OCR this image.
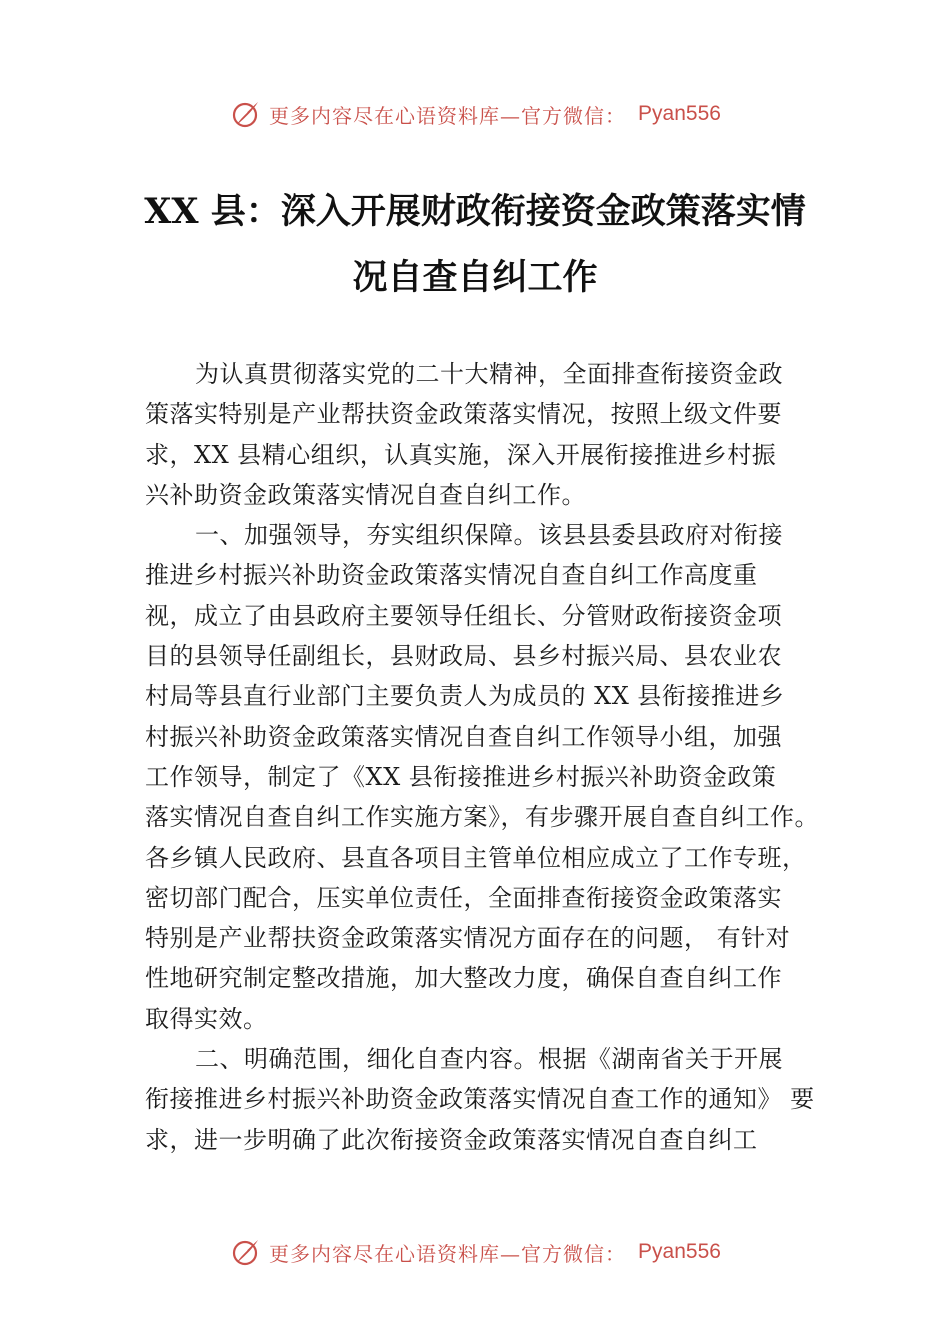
更多内容尽在心语资料库—官方微信： Pyan556
XX 县：深入开展财政衔接资金政策落实情
况自查自纠工作
为认真贯彻落实党的二十大精神，全面排查衔接资金政
策落实特别是产业帮扶资金政策落实情况，按照上级文件要
求，XX 县精心组织，认真实施，深入开展衔接推进乡村振
兴补助资金政策落实情况自查自纠工作。
一、加强领导，夯实组织保障。该县县委县政府对衔接
推进乡村振兴补助资金政策落实情况自查自纠工作高度重
视，成立了由县政府主要领导任组长、分管财政衔接资金项
目的县领导任副组长，县财政局、县乡村振兴局、县农业农
村局等县直行业部门主要负责人为成员的 XX 县衔接推进乡
村振兴补助资金政策落实情况自查自纠工作领导小组，加强
工作领导，制定了《XX 县衔接推进乡村振兴补助资金政策
落实情况自查自纠工作实施方案》，有步骤开展自查自纠工作。
各乡镇人民政府、县直各项目主管单位相应成立了工作专班，
密切部门配合，压实单位责任，全面排查衔接资金政策落实
特别是产业帮扶资金政策落实情况方面存在的问题， 有针对
性地研究制定整改措施，加大整改力度，确保自查自纠工作
取得实效。
二、明确范围，细化自查内容。根据《湖南省关于开展
衔接推进乡村振兴补助资金政策落实情况自查工作的通知》 要
求，进一步明确了此次衔接资金政策落实情况自查自纠工
更多内容尽在心语资料库—官方微信： Pyan556
